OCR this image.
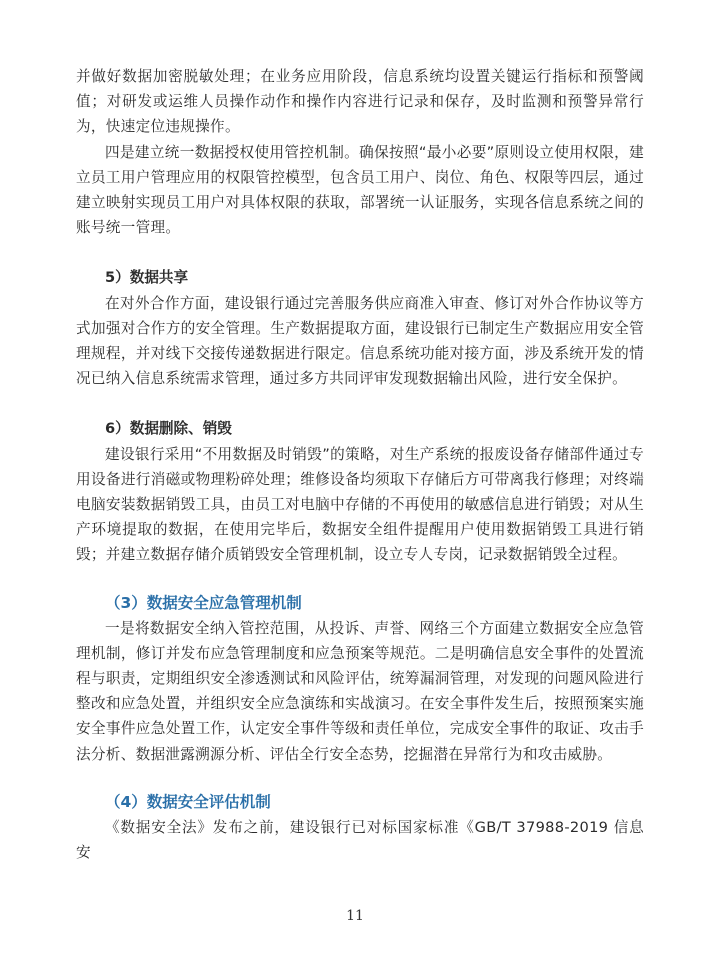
并做好数据加密脱敏处理；在业务应用阶段，信息系统均设置关键运行指标和预警阈值；对研发或运维人员操作动作和操作内容进行记录和保存，及时监测和预警异常行为，快速定位违规操作。

四是建立统一数据授权使用管控机制。确保按照“最小必要”原则设立使用权限，建立员工用户管理应用的权限管控模型，包含员工用户、岗位、角色、权限等四层，通过建立映射实现员工用户对具体权限的获取，部署统一认证服务，实现各信息系统之间的账号统一管理。

5）数据共享

在对外合作方面，建设银行通过完善服务供应商准入审查、修订对外合作协议等方式加强对合作方的安全管理。生产数据提取方面，建设银行已制定生产数据应用安全管理规程，并对线下交接传递数据进行限定。信息系统功能对接方面，涉及系统开发的情况已纳入信息系统需求管理，通过多方共同评审发现数据输出风险，进行安全保护。

6）数据删除、销毁

建设银行采用“不用数据及时销毁”的策略，对生产系统的报废设备存储部件通过专用设备进行消磁或物理粉碎处理；维修设备均须取下存储后方可带离我行修理；对终端电脑安装数据销毁工具，由员工对电脑中存储的不再使用的敏感信息进行销毁；对从生产环境提取的数据，在使用完毕后，数据安全组件提醒用户使用数据销毁工具进行销毁；并建立数据存储介质销毁安全管理机制，设立专人专岗，记录数据销毁全过程。

（3）数据安全应急管理机制

一是将数据安全纳入管控范围，从投诉、声誉、网络三个方面建立数据安全应急管理机制，修订并发布应急管理制度和应急预案等规范。二是明确信息安全事件的处置流程与职责，定期组织安全渗透测试和风险评估，统筹漏洞管理，对发现的问题风险进行整改和应急处置，并组织安全应急演练和实战演习。在安全事件发生后，按照预案实施安全事件应急处置工作，认定安全事件等级和责任单位，完成安全事件的取证、攻击手法分析、数据泄露溯源分析、评估全行安全态势，挖掘潜在异常行为和攻击威胁。

（4）数据安全评估机制

《数据安全法》发布之前，建设银行已对标国家标准《GB/T 37988-2019 信息安

11
